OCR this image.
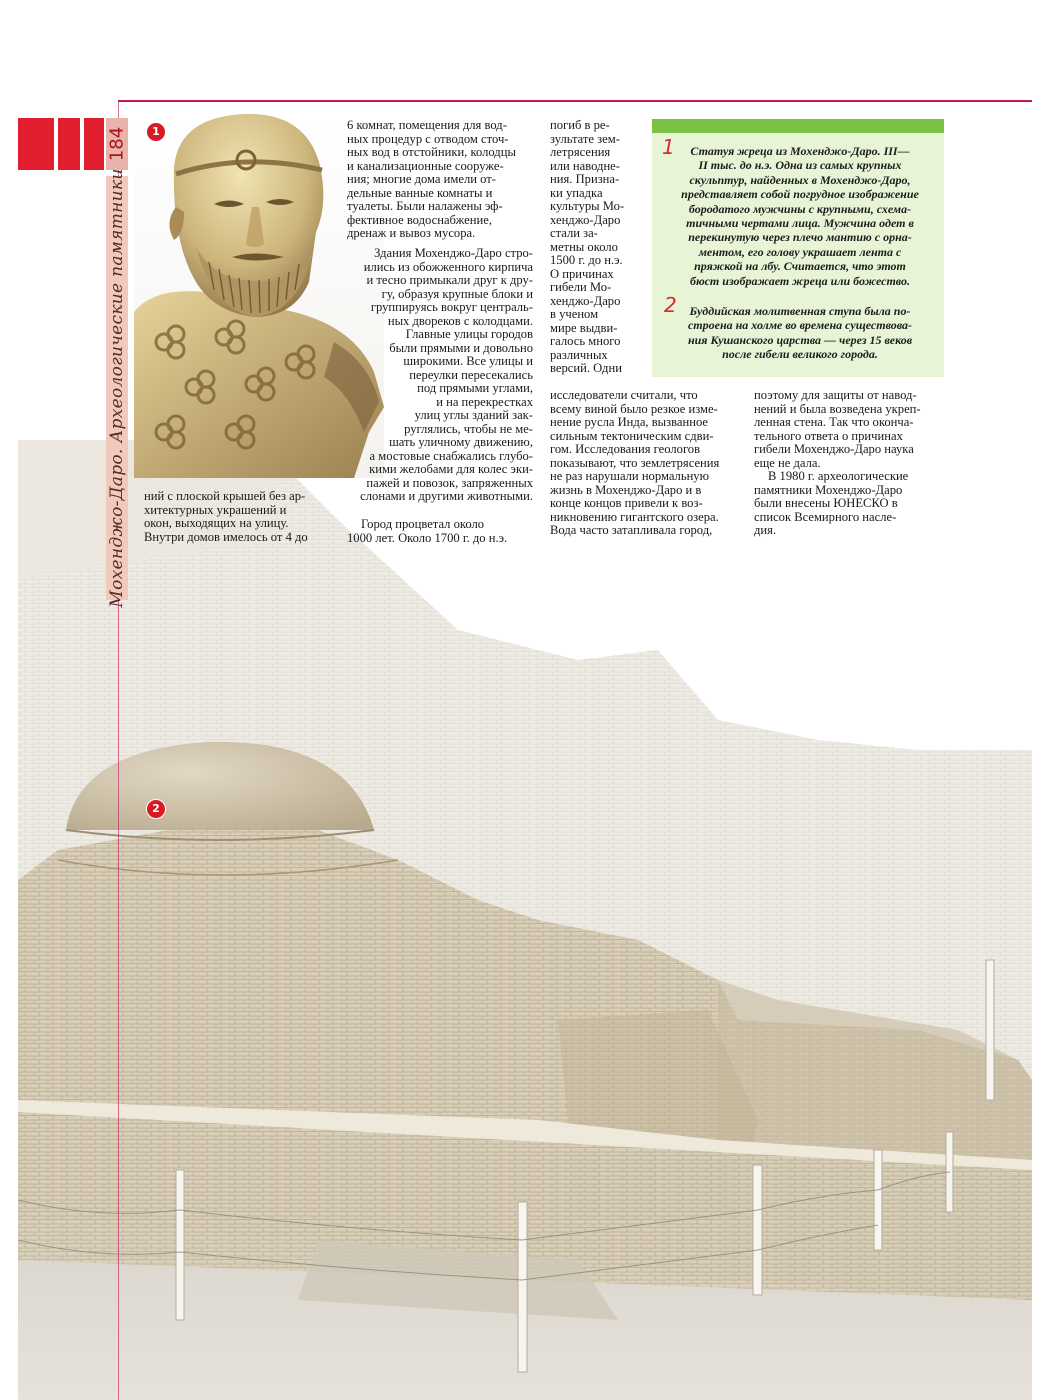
184
Мохенджо-Даро. Археологические памятники
1
2

ний с плоской крышей без ар-

хитектурных украшений и

окон, выходящих на улицу.

Внутри домов имелось от 4 до

6 комнат, помещения для вод-

ных процедур с отводом сточ-

ных вод в отстойники, колодцы

и канализационные сооруже-

ния; многие дома имели от-

дельные ванные комнаты и

туалеты. Были налажены эф-

фективное водоснабжение,

дренаж и вывоз мусора.

Здания Мохенджо-Даро стро-

ились из обожженного кирпича

и тесно примыкали друг к дру-

гу, образуя крупные блоки и

группируясь вокруг централь-

ных двореков с колодцами.

Главные улицы городов

были прямыми и довольно

широкими. Все улицы и

переулки пересекались

под прямыми углами,

и на перекрестках

улиц углы зданий зак-

руглялись, чтобы не ме-

шать уличному движению,

а мостовые снабжались глубо-

кими желобами для колес эки-

пажей и повозок, запряженных

слонами и другими животными.

Город процветал около

1000 лет. Около 1700 г. до н.э.

погиб в ре-

зультате зем-

летрясения

или наводне-

ния. Призна-

ки упадка

культуры Мо-

хенджо-Даро

стали за-

метны около

1500 г. до н.э.

О причинах

гибели Мо-

хенджо-Даро

в ученом

мире выдви-

галось много

различных

версий. Одни

исследователи считали, что

всему виной было резкое изме-

нение русла Инда, вызванное

сильным тектоническим сдви-

гом. Исследования геологов

показывают, что землетрясения

не раз нарушали нормальную

жизнь в Мохенджо-Даро и в

конце концов привели к воз-

никновению гигантского озера.

Вода часто затапливала город,

поэтому для защиты от навод-

нений и была возведена укреп-

ленная стена. Так что оконча-

тельного ответа о причинах

гибели Мохенджо-Даро наука

еще не дала.

В 1980 г. археологические

памятники Мохенджо-Даро

были внесены ЮНЕСКО в

список Всемирного насле-

дия.

1	Статуя жреца из Мохенджо-Даро. III—
II тыс. до н.э. Одна из самых крупных
скульптур, найденных в Мохенджо-Даро,
представляет собой погрудное изображение
бородатого мужчины с крупными, схема-
тичными чертами лица. Мужчина одет в
перекинутую через плечо мантию с орна-
ментом, его голову украшает лента с
пряжкой на лбу. Считается, что этот
бюст изображает жреца или божество.
2	Буддийская молитвенная ступа была по-
строена на холме во времена существова-
ния Кушанского царства — через 15 веков
после гибели великого города.
